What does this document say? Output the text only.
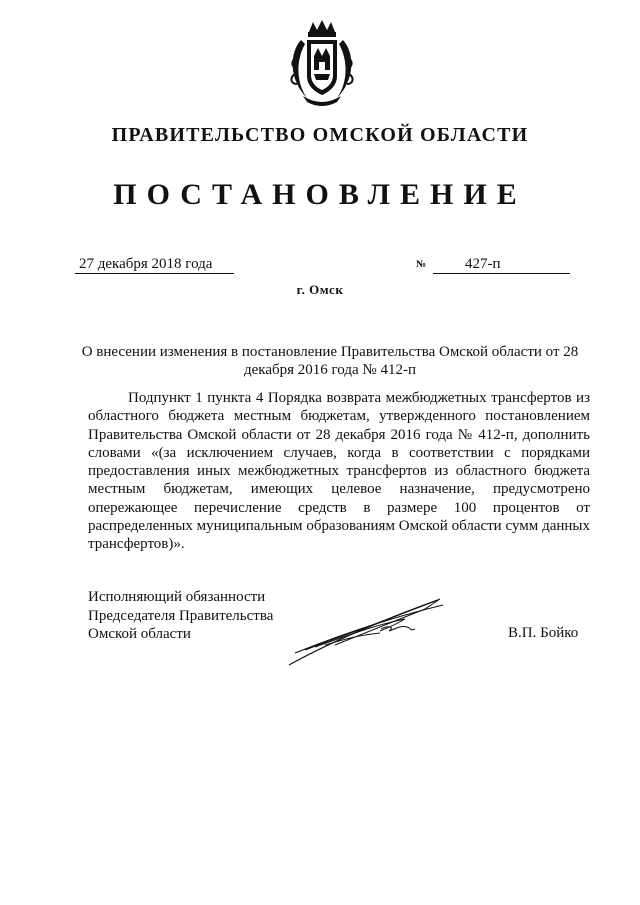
ПРАВИТЕЛЬСТВО ОМСКОЙ ОБЛАСТИ
ПОСТАНОВЛЕНИЕ
27 декабря 2018 года	№	427-п
г. Омск
О внесении изменения в постановление Правительства Омской области от 28 декабря 2016 года № 412-п
Подпункт 1 пункта 4 Порядка возврата межбюджетных трансфертов из областного бюджета местным бюджетам, утвержденного постановлением Правительства Омской области от 28 декабря 2016 года № 412-п, дополнить словами «(за исключением случаев, когда в соответствии с порядками предоставления иных межбюджетных трансфертов из областного бюджета местным бюджетам, имеющих целевое назначение, предусмотрено опережающее перечисление средств в размере 100 процентов от распределенных муниципальным образованиям Омской области сумм данных трансфертов)».
Исполняющий обязанности
Председателя Правительства
Омской области	В.П. Бойко
